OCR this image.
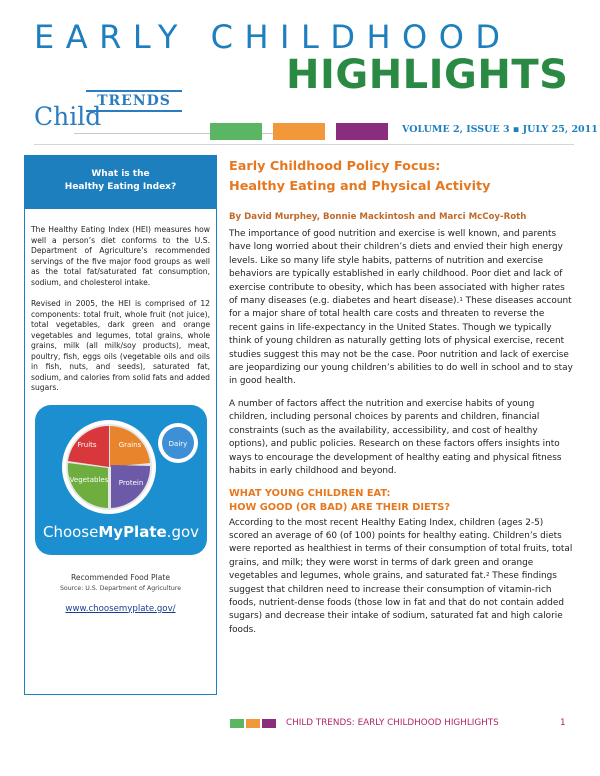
EARLY CHILDHOOD
HIGHLIGHTS
TRENDS
Child	VOLUME 2, ISSUE 3 ▪ JULY 25, 2011
What is the
Healthy Eating Index?

The Healthy Eating Index (HEI) measures how well a person’s diet conforms to the U.S. Department of Agriculture’s recommended servings of the five major food groups as well as the total fat/saturated fat consumption, sodium, and cholesterol intake.

Revised in 2005, the HEI is comprised of 12 components: total fruit, whole fruit (not juice), total vegetables, dark green and orange vegetables and legumes, total grains, whole grains, milk (all milk/soy products), meat, poultry, fish, eggs oils (vegetable oils and oils in fish, nuts, and seeds), saturated fat, sodium, and calories from solid fats and added sugars.

Fruits	Grains
Vegetables Protein
Dairy
ChooseMyPlate.gov
Recommended Food Plate
Source: U.S. Department of Agriculture
www.choosemyplate.gov/
Early Childhood Policy Focus:
Healthy Eating and Physical Activity
By David Murphey, Bonnie Mackintosh and Marci McCoy-Roth

The importance of good nutrition and exercise is well known, and parents have long worried about their children’s diets and envied their high energy levels. Like so many life style habits, patterns of nutrition and exercise behaviors are typically established in early childhood. Poor diet and lack of exercise contribute to obesity, which has been associated with higher rates of many diseases (e.g. diabetes and heart disease).$^1$ These diseases account for a major share of total health care costs and threaten to reverse the recent gains in life-expectancy in the United States. Though we typically think of young children as naturally getting lots of physical exercise, recent studies suggest this may not be the case. Poor nutrition and lack of exercise are jeopardizing our young children’s abilities to do well in school and to stay in good health.

A number of factors affect the nutrition and exercise habits of young children, including personal choices by parents and children, financial constraints (such as the availability, accessibility, and cost of healthy options), and public policies. Research on these factors offers insights into ways to encourage the development of healthy eating and physical fitness habits in early childhood and beyond.

WHAT YOUNG CHILDREN EAT:
HOW GOOD (OR BAD) ARE THEIR DIETS?

According to the most recent Healthy Eating Index, children (ages 2-5) scored an average of 60 (of 100) points for healthy eating. Children’s diets were reported as healthiest in terms of their consumption of total fruits, total grains, and milk; they were worst in terms of dark green and orange vegetables and legumes, whole grains, and saturated fat.$^2$ These findings suggest that children need to increase their consumption of vitamin-rich foods, nutrient-dense foods (those low in fat and that do not contain added sugars) and decrease their intake of sodium, saturated fat and high calorie foods.

CHILD TRENDS: EARLY CHILDHOOD HIGHLIGHTS	1
